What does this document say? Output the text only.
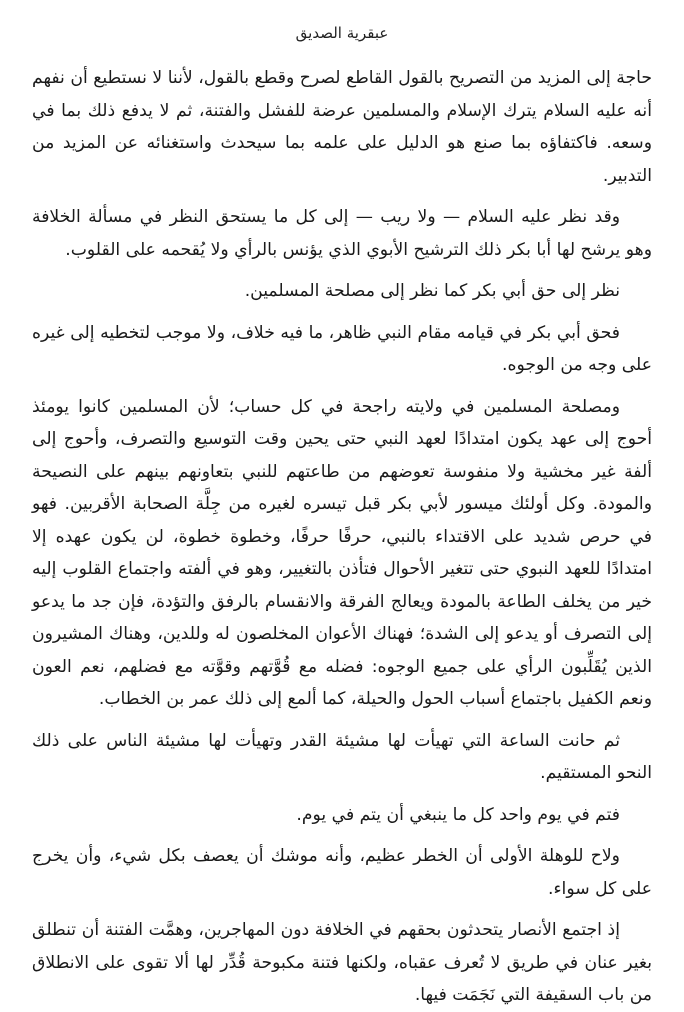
عبقرية الصديق

حاجة إلى المزيد من التصريح بالقول القاطع لصرح وقطع بالقول، لأننا لا نستطيع أن نفهم أنه عليه السلام يترك الإسلام والمسلمين عرضة للفشل والفتنة، ثم لا يدفع ذلك بما في وسعه. فاكتفاؤه بما صنع هو الدليل على علمه بما سيحدث واستغنائه عن المزيد من التدبير.

وقد نظر عليه السلام — ولا ريب — إلى كل ما يستحق النظر في مسألة الخلافة وهو يرشح لها أبا بكر ذلك الترشيح الأبوي الذي يؤنس بالرأي ولا يُقحمه على القلوب.

نظر إلى حق أبي بكر كما نظر إلى مصلحة المسلمين.

فحق أبي بكر في قيامه مقام النبي ظاهر، ما فيه خلاف، ولا موجب لتخطيه إلى غيره على وجه من الوجوه.

ومصلحة المسلمين في ولايته راجحة في كل حساب؛ لأن المسلمين كانوا يومئذ أحوج إلى عهد يكون امتدادًا لعهد النبي حتى يحين وقت التوسيع والتصرف، وأحوج إلى ألفة غير مخشية ولا منفوسة تعوضهم من طاعتهم للنبي بتعاونهم بينهم على النصيحة والمودة. وكل أولئك ميسور لأبي بكر قبل تيسره لغيره من جِلَّة الصحابة الأقربين. فهو في حرص شديد على الاقتداء بالنبي، حرفًا حرفًا، وخطوة خطوة، لن يكون عهده إلا امتدادًا للعهد النبوي حتى تتغير الأحوال فتأذن بالتغيير، وهو في ألفته واجتماع القلوب إليه خير من يخلف الطاعة بالمودة ويعالج الفرقة والانقسام بالرفق والتؤدة، فإن جد ما يدعو إلى التصرف أو يدعو إلى الشدة؛ فهناك الأعوان المخلصون له وللدين، وهناك المشيرون الذين يُقَلِّبون الرأي على جميع الوجوه: فضله مع قُوَّتهم وقوَّته مع فضلهم، نعم العون ونعم الكفيل باجتماع أسباب الحول والحيلة، كما ألمع إلى ذلك عمر بن الخطاب.

ثم حانت الساعة التي تهيأت لها مشيئة القدر وتهيأت لها مشيئة الناس على ذلك النحو المستقيم.

فتم في يوم واحد كل ما ينبغي أن يتم في يوم.

ولاح للوهلة الأولى أن الخطر عظيم، وأنه موشك أن يعصف بكل شيء، وأن يخرج على كل سواء.

إذ اجتمع الأنصار يتحدثون بحقهم في الخلافة دون المهاجرين، وهمَّت الفتنة أن تنطلق بغير عنان في طريق لا تُعرف عقباه، ولكنها فتنة مكبوحة قُدِّر لها ألا تقوى على الانطلاق من باب السقيفة التي نَجَمَت فيها.
